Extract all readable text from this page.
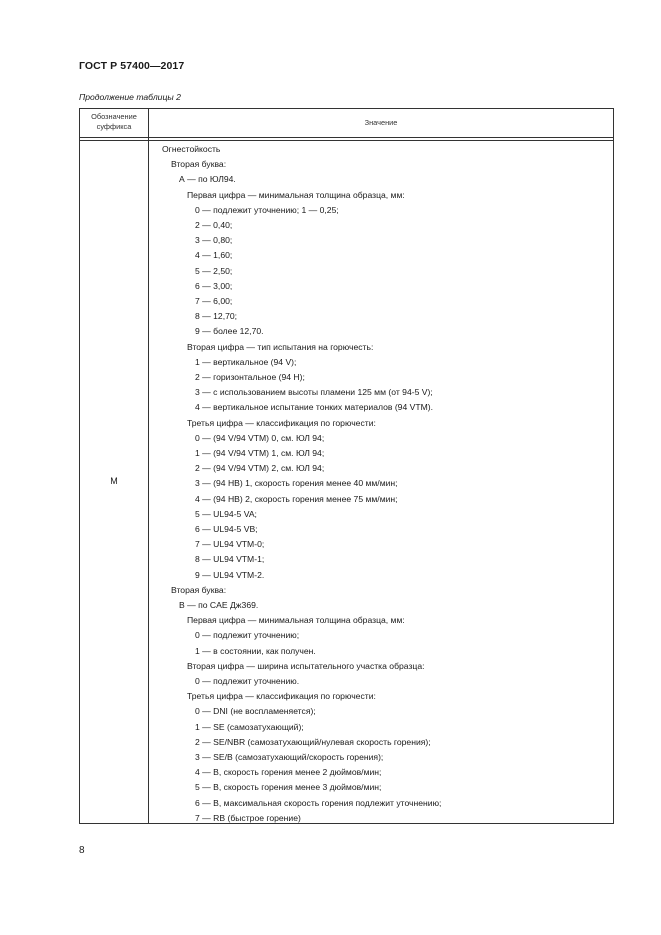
ГОСТ Р 57400—2017
Продолжение таблицы 2
Обозначение
суффикса	Значение
M
Огнестойкость
Вторая буква:
А — по ЮЛ94.
Первая цифра — минимальная толщина образца, мм:
0 — подлежит уточнению; 1 — 0,25;
2 — 0,40;
3 — 0,80;
4 — 1,60;
5 — 2,50;
6 — 3,00;
7 — 6,00;
8 — 12,70;
9 — более 12,70.
Вторая цифра — тип испытания на горючесть:
1 — вертикальное (94 V);
2 — горизонтальное (94 Н);
3 — с использованием высоты пламени 125 мм (от 94-5 V);
4 — вертикальное испытание тонких материалов (94 VTM).
Третья цифра — классификация по горючести:
0 — (94 V/94 VTM) 0, см. ЮЛ 94;
1 — (94 V/94 VTM) 1, см. ЮЛ 94;
2 — (94 V/94 VTM) 2, см. ЮЛ 94;
3 — (94 НВ) 1, скорость горения менее 40 мм/мин;
4 — (94 НВ) 2, скорость горения менее 75 мм/мин;
5 — UL94-5 VA;
6 — UL94-5 VB;
7 — UL94 VTM-0;
8 — UL94 VTM-1;
9 — UL94 VTM-2.
Вторая буква:
В — по CAE Дж369.
Первая цифра — минимальная толщина образца, мм:
0 — подлежит уточнению;
1 — в состоянии, как получен.
Вторая цифра — ширина испытательного участка образца:
0 — подлежит уточнению.
Третья цифра — классификация по горючести:
0 — DNI (не воспламеняется);
1 — SE (самозатухающий);
2 — SE/NBR (самозатухающий/нулевая скорость горения);
3 — SE/B (самозатухающий/скорость горения);
4 — В, скорость горения менее 2 дюймов/мин;
5 — В, скорость горения менее 3 дюймов/мин;
6 — В, максимальная скорость горения подлежит уточнению;
7 — RB (быстрое горение)
8
